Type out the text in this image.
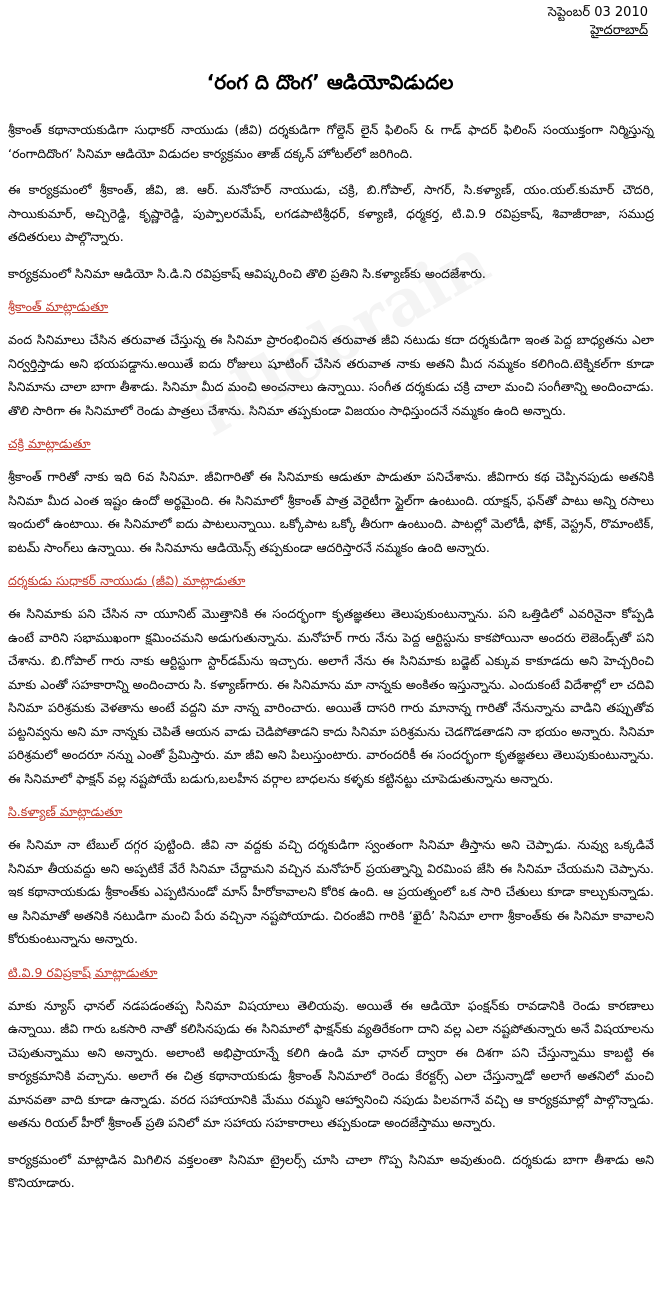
సెప్టెంబర్ 03 2010
హైదరాబాద్
‘రంగ ది దొంగ’ ఆడియోవిడుదల

శ్రీకాంత్ కథానాయకుడిగా సుధాకర్ నాయుడు (జీవి) దర్శకుడిగా గోల్డెన్ లైన్ ఫిలింస్ & గాడ్ ఫాదర్ ఫిలింస్ సంయుక్తంగా నిర్మిస్తున్న ‘రంగాదిదొంగ’ సినిమా ఆడియో విడుదల కార్యక్రమం తాజ్ దక్కన్ హోటల్‌లో జరిగింది.

ఈ కార్యక్రమంలో శ్రీకాంత్, జీవి, జి. ఆర్. మనోహర్ నాయుడు, చక్రి, బి.గోపాల్, సాగర్, సి.కళ్యాణ్, యం.యల్.కుమార్ చౌదరి, సాయికుమార్, అచ్చిరెడ్డి, కృష్ణారెడ్డి, పుప్పాలరమేష్, లగడపాటిశ్రీధర్, కళ్యాణి, ధర్మకర్త, టి.వి.9 రవిప్రకాష్, శివాజీరాజా, సముద్ర తదితరులు పాల్గొన్నారు.

కార్యక్రమంలో సినిమా ఆడియో సి.డి.ని రవిప్రకాష్ ఆవిష్కరించి తొలి ప్రతిని సి.కళ్యాణ్‌కు అందజేశారు.

శ్రీకాంత్ మాట్లాడుతూ

వంద సినిమాలు చేసిన తరువాత చేస్తున్న ఈ సినిమా ప్రారంభించిన తరువాత జీవి నటుడు కదా దర్శకుడిగా ఇంత పెద్ద బాధ్యతను ఎలా నిర్వర్తిస్తాడు అని భయపడ్డాను.అయితే ఐదు రోజులు షూటింగ్ చేసిన తరువాత నాకు అతని మీద నమ్మకం కలిగింది.టెక్నికల్‌గా కూడా సినిమాను చాలా బాగా తీశాడు. సినిమా మీద మంచి అంచనాలు ఉన్నాయి. సంగీత దర్శకుడు చక్రి చాలా మంచి సంగీతాన్ని అందించాడు. తొలి సారిగా ఈ సినిమాలో రెండు పాత్రలు చేశాను. సినిమా తప్పకుండా విజయం సాధిస్తుందనే నమ్మకం ఉంది అన్నారు.

చక్రి మాట్లాడుతూ

శ్రీకాంత్ గారితో నాకు ఇది 6వ సినిమా. జీవిగారితో ఈ సినిమాకు ఆడుతూ పాడుతూ పనిచేశాను. జీవిగారు కథ చెప్పినపుడు అతనికి సినిమా మీద ఎంత ఇష్టం ఉందో అర్థమైంది. ఈ సినిమాలో శ్రీకాంత్ పాత్ర వెరైటీగా స్టైల్‌గా ఉంటుంది. యాక్షన్, ఫన్‌తో పాటు అన్ని రసాలు ఇందులో ఉంటాయి. ఈ సినిమాలో ఐదు పాటలున్నాయి. ఒక్కోపాట ఒక్కో తీరుగా ఉంటుంది. పాటల్లో మెలోడీ, ఫోక్, వెస్ట్రన్, రొమాంటిక్, ఐటమ్ సాంగ్‌లు ఉన్నాయి. ఈ సినిమాను ఆడియెన్స్ తప్పకుండా ఆదరిస్తారనే నమ్మకం ఉంది అన్నారు.

దర్శకుడు సుధాకర్ నాయుడు (జీవి) మాట్లాడుతూ

ఈ సినిమాకు పని చేసిన నా యూనిట్ మొత్తానికి ఈ సందర్భంగా కృతజ్ఞతలు తెలుపుకుంటున్నాను. పని ఒత్తిడిలో ఎవరినైనా కోప్పడి ఉంటే వారిని సభాముఖంగా క్షమించమని అడుగుతున్నాను. మనోహర్ గారు నేను పెద్ద ఆర్టిస్టును కాకపోయినా అందరు లెజెండ్స్‌తో పని చేశాను. బి.గోపాల్ గారు నాకు ఆర్టిస్టుగా స్టార్‌డమ్‌ను ఇచ్చారు. అలాగే నేను ఈ సినిమాకు బడ్జెట్ ఎక్కువ కాకూడదు అని హెచ్చరించి మాకు ఎంతో సహకారాన్ని అందించారు సి. కళ్యాణ్‌గారు. ఈ సినిమాను మా నాన్నకు అంకితం ఇస్తున్నాను. ఎందుకంటే విదేశాల్లో లా చదివి సినిమా పరిశ్రమకు వెళతాను అంటే వద్దని మా నాన్న వారించారు. అయితే దాసరి గారు మానాన్న గారితో నేనున్నాను వాడిని తప్పుతోవ పట్టనివ్వను అని మా నాన్నకు చెపితే ఆయన వాడు చెడిపోతాడని కాదు సినిమా పరిశ్రమను చెడగొడతాడని నా భయం అన్నారు. సినిమా పరిశ్రమలో అందరూ నన్ను ఎంతో ప్రేమిస్తారు. మా జీవి అని పిలుస్తుంటారు. వారందరికీ ఈ సందర్భంగా కృతజ్ఞతలు తెలుపుకుంటున్నాను. ఈ సినిమాలో ఫాక్షన్ వల్ల నష్టపోయే బడుగు,బలహీన వర్గాల బాధలను కళ్ళకు కట్టినట్టు చూపెడుతున్నాను అన్నారు.

సి.కళ్యాణ్ మాట్లాడుతూ

ఈ సినిమా నా టేబుల్ దగ్గర పుట్టింది. జీవి నా వద్దకు వచ్చి దర్శకుడిగా స్వంతంగా సినిమా తీస్తాను అని చెప్పాడు. నువ్వు ఒక్కడివే సినిమా తీయవద్దు అని అప్పటికే వేరే సినిమా చేద్దామని వచ్చిన మనోహర్ ప్రయత్నాన్ని విరమింప జేసి ఈ సినిమా చేయమని చెప్పాను. ఇక కథానాయకుడు శ్రీకాంత్‌కు ఎప్పటినుండో మాస్ హీరోకావాలని కోరిక ఉంది. ఆ ప్రయత్నంలో ఒక సారి చేతులు కూడా కాల్చుకున్నాడు. ఆ సినిమాతో అతనికి నటుడిగా మంచి పేరు వచ్చినా నష్టపోయాడు. చిరంజీవి గారికి ‘ఖైదీ’ సినిమా లాగా శ్రీకాంత్‌కు ఈ సినిమా కావాలని కోరుకుంటున్నాను అన్నారు.

టి.వి.9 రవిప్రకాష్ మాట్లాడుతూ

మాకు న్యూస్ ఛానల్ నడపడంతప్ప సినిమా విషయాలు తెలియవు. అయితే ఈ ఆడియో ఫంక్షన్‌కు రావడానికి రెండు కారణాలు ఉన్నాయి. జీవి గారు ఒకసారి నాతో కలిసినపుడు ఈ సినిమాలో ఫాక్షన్‌కు వ్యతిరేకంగా దాని వల్ల ఎలా నష్టపోతున్నారు అనే విషయాలను చెపుతున్నాము అని అన్నారు. అలాంటి అభిప్రాయాన్నే కలిగి ఉండి మా ఛానల్ ద్వారా ఈ దిశగా పని చేస్తున్నాము కాబట్టి ఈ కార్యక్రమానికి వచ్చాను. అలాగే ఈ చిత్ర కథానాయకుడు శ్రీకాంత్ సినిమాలో రెండు కేరక్టర్స్ ఎలా చేస్తున్నాడో అలాగే అతనిలో మంచి మానవతా వాది కూడా ఉన్నాడు. వరద సహాయానికి మేము రమ్మని ఆహ్వానించి నపుడు పిలవగానే వచ్చి ఆ కార్యక్రమాల్లో పాల్గొన్నాడు. అతను రియల్ హీరో శ్రీకాంత్ ప్రతి పనిలో మా సహాయ సహకారాలు తప్పకుండా అందజేస్తాము అన్నారు.

కార్యక్రమంలో మాట్లాడిన మిగిలిన వక్తలంతా సినిమా ట్రైలర్స్ చూసి చాలా గొప్ప సినిమా అవుతుంది. దర్శకుడు బాగా తీశాడు అని కొనియాడారు.
